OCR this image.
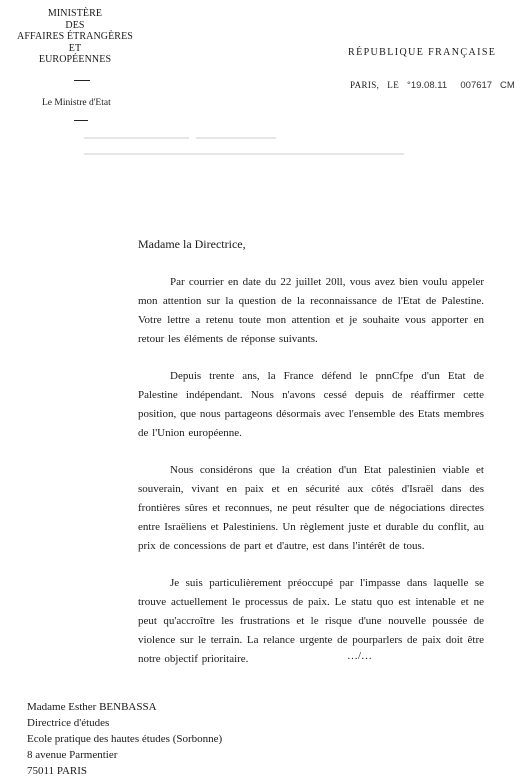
MINISTÈRE
DES
AFFAIRES ÉTRANGÈRES
ET
EUROPÉENNES
Le Ministre d'Etat
RÉPUBLIQUE FRANÇAISE
PARIS, LE °19.08.11 007617 CM
Madame la Directrice,

Par courrier en date du 22 juillet 20ll, vous avez bien voulu appeler mon attention sur la question de la reconnaissance de l'Etat de Palestine. Votre lettre a retenu toute mon attention et je souhaite vous apporter en retour les éléments de réponse suivants.

Depuis trente ans, la France défend le pnnCfpe d'un Etat de Palestine indépendant. Nous n'avons cessé depuis de réaffirmer cette position, que nous partageons désormais avec l'ensemble des Etats membres de l'Union européenne.

Nous considérons que la création d'un Etat palestinien viable et souverain, vivant en paix et en sécurité aux côtés d'Israël dans des frontières sûres et reconnues, ne peut résulter que de négociations directes entre Israëliens et Palestiniens. Un règlement juste et durable du conflit, au prix de concessions de part et d'autre, est dans l'intérêt de tous.

Je suis particulièrement préoccupé par l'impasse dans laquelle se trouve actuellement le processus de paix. Le statu quo est intenable et ne peut qu'accroître les frustrations et le risque d'une nouvelle poussée de violence sur le terrain. La relance urgente de pourparlers de paix doit être notre objectif prioritaire.	…/…
Madame Esther BENBASSA
Directrice d'études
Ecole pratique des hautes études (Sorbonne)
8 avenue Parmentier
75011 PARIS
